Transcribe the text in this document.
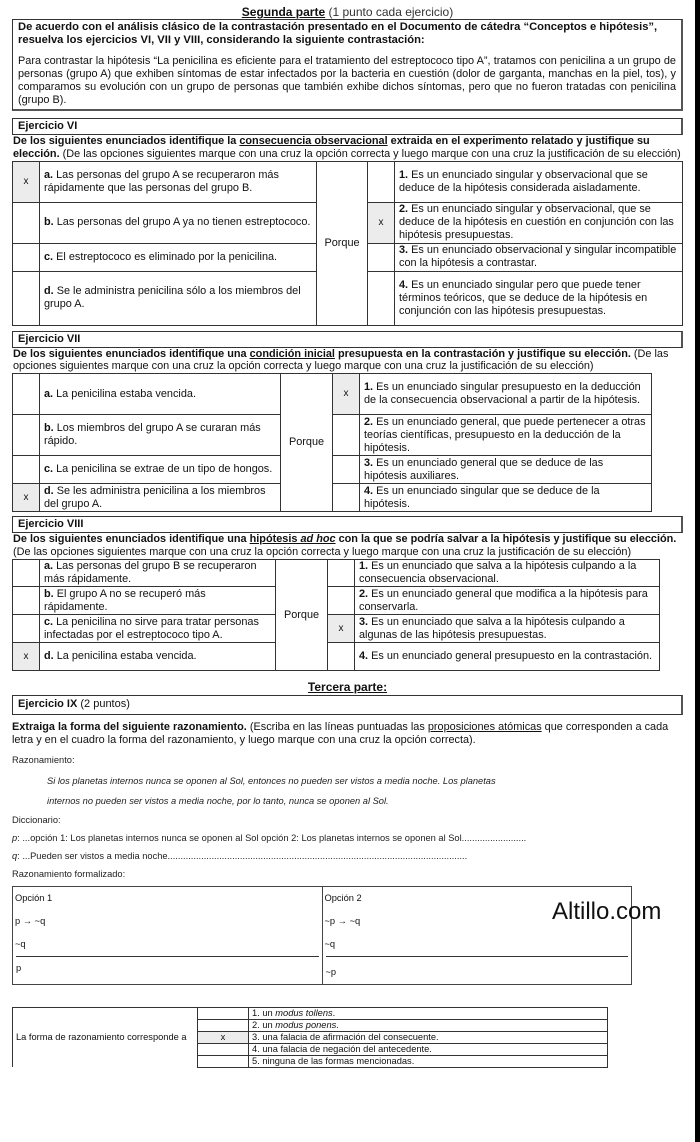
Segunda parte (1 punto cada ejercicio)
De acuerdo con el análisis clásico de la contrastación presentado en el Documento de cátedra “Conceptos e hipótesis”, resuelva los ejercicios VI, VII y VIII, considerando la siguiente contrastación:
Para contrastar la hipótesis “La penicilina es eficiente para el tratamiento del estreptococo tipo A”, tratamos con penicilina a un grupo de personas (grupo A) que exhiben síntomas de estar infectados por la bacteria en cuestión (dolor de garganta, manchas en la piel, tos), y comparamos su evolución con un grupo de personas que también exhibe dichos síntomas, pero que no fueron tratadas con penicilina (grupo B).
Ejercicio VI
De los siguientes enunciados identifique la consecuencia observacional extraida en el experimento relatado y justifique su elección. (De las opciones siguientes marque con una cruz la opción correcta y luego marque con una cruz la justificación de su elección)
x	a. Las personas del grupo A se recuperaron más rápidamente que las personas del grupo B.	Porque		1. Es un enunciado singular y observacional que se deduce de la hipótesis considerada aisladamente.
	b. Las personas del grupo A ya no tienen estreptococo.		x	2. Es un enunciado singular y observacional, que se deduce de la hipótesis en cuestión en conjunción con las hipótesis presupuestas.
	c. El estreptococo es eliminado por la penicilina.			3. Es un enunciado observacional y singular incompatible con la hipótesis a contrastar.
	d. Se le administra penicilina sólo a los miembros del grupo A.			4. Es un enunciado singular pero que puede tener términos teóricos, que se deduce de la hipótesis en conjunción con las hipótesis presupuestas.
Ejercicio VII
De los siguientes enunciados identifique una condición inicial presupuesta en la contrastación y justifique su elección. (De las opciones siguientes marque con una cruz la opción correcta y luego marque con una cruz la justificación de su elección)
	a. La penicilina estaba vencida.	Porque	x	1. Es un enunciado singular presupuesto en la deducción de la consecuencia observacional a partir de la hipótesis.
	b. Los miembros del grupo A se curaran más rápido.			2. Es un enunciado general, que puede pertenecer a otras teorías científicas, presupuesto en la deducción de la hipótesis.
	c. La penicilina se extrae de un tipo de hongos.			3. Es un enunciado general que se deduce de las hipótesis auxiliares.
x	d. Se les administra penicilina a los miembros del grupo A.			4. Es un enunciado singular que se deduce de la hipótesis.
Ejercicio VIII
De los siguientes enunciados identifique una hipótesis ad hoc con la que se podría salvar a la hipótesis y justifique su elección. (De las opciones siguientes marque con una cruz la opción correcta y luego marque con una cruz la justificación de su elección)
	a. Las personas del grupo B se recuperaron más rápidamente.	Porque		1. Es un enunciado que salva a la hipótesis culpando a la consecuencia observacional.
	b. El grupo A no se recuperó más rápidamente.			2. Es un enunciado general que modifica a la hipótesis para conservarla.
	c. La penicilina no sirve para tratar personas infectadas por el estreptococo tipo A.		x	3. Es un enunciado que salva a la hipótesis culpando a algunas de las hipótesis presupuestas.
x	d. La penicilina estaba vencida.			4. Es un enunciado general presupuesto en la contrastación.
Tercera parte:
Ejercicio IX (2 puntos)
Extraiga la forma del siguiente razonamiento. (Escriba en las líneas puntuadas las proposiciones atómicas que corresponden a cada letra y en el cuadro la forma del razonamiento, y luego marque con una cruz la opción correcta).
Razonamiento:
Si los planetas internos nunca se oponen al Sol, entonces no pueden ser vistos a media noche. Los planetas
internos no pueden ser vistos a media noche, por lo tanto, nunca se oponen al Sol.
Diccionario:
p: ...opción 1: Los planetas internos nunca se oponen al Sol opción 2: Los planetas internos se oponen al Sol.........................
q: ...Pueden ser vistos a media noche....................................................................................................................
Razonamiento formalizado:
Opción 1
p → ~q
~q
p

Opción 2
~p → ~q
~q
~p
La forma de razonamiento corresponde a		1. un modus tollens.
		2. un modus ponens.
	x	3. una falacia de afirmación del consecuente.
		4. una falacia de negación del antecedente.
		5. ninguna de las formas mencionadas.
Altillo.com
